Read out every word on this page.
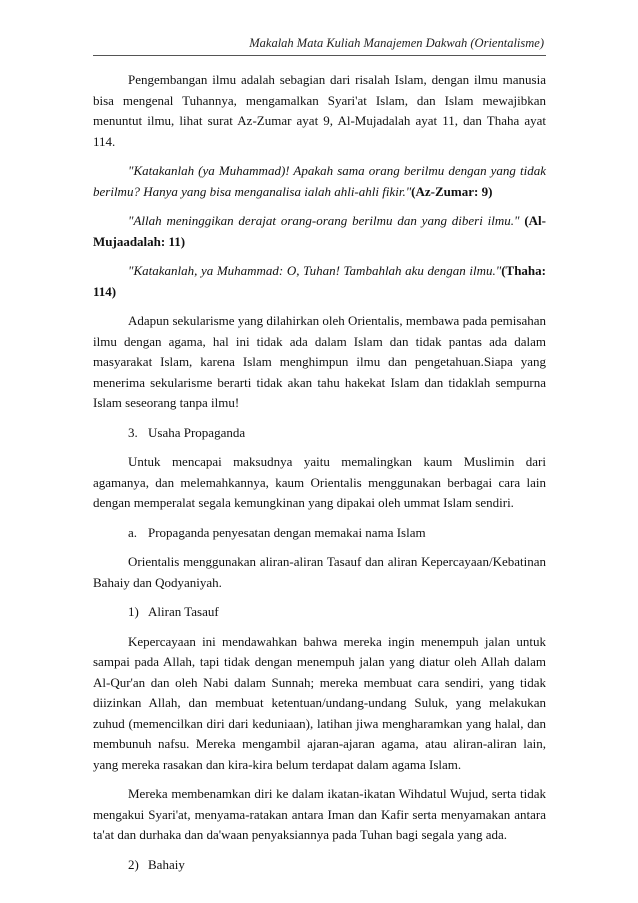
Makalah Mata Kuliah Manajemen Dakwah (Orientalisme)

Pengembangan ilmu adalah sebagian dari risalah Islam, dengan ilmu manusia bisa mengenal Tuhannya, mengamalkan Syari'at Islam, dan Islam mewajibkan menuntut ilmu, lihat surat Az-Zumar ayat 9, Al-Mujadalah ayat 11, dan Thaha ayat 114.

"Katakanlah (ya Muhammad)! Apakah sama orang berilmu dengan yang tidak berilmu? Hanya yang bisa menganalisa ialah ahli-ahli fikir."(Az-Zumar: 9)

"Allah meninggikan derajat orang-orang berilmu dan yang diberi ilmu." (Al-Mujaadalah: 11)

"Katakanlah, ya Muhammad: O, Tuhan! Tambahlah aku dengan ilmu."(Thaha: 114)

Adapun sekularisme yang dilahirkan oleh Orientalis, membawa pada pemisahan ilmu dengan agama, hal ini tidak ada dalam Islam dan tidak pantas ada dalam masyarakat Islam, karena Islam menghimpun ilmu dan pengetahuan.Siapa yang menerima sekularisme berarti tidak akan tahu hakekat Islam dan tidaklah sempurna Islam seseorang tanpa ilmu!

3. Usaha Propaganda

Untuk mencapai maksudnya yaitu memalingkan kaum Muslimin dari agamanya, dan melemahkannya, kaum Orientalis menggunakan berbagai cara lain dengan memperalat segala kemungkinan yang dipakai oleh ummat Islam sendiri.

a. Propaganda penyesatan dengan memakai nama Islam

Orientalis menggunakan aliran-aliran Tasauf dan aliran Kepercayaan/Kebatinan Bahaiy dan Qodyaniyah.

1) Aliran Tasauf

Kepercayaan ini mendawahkan bahwa mereka ingin menempuh jalan untuk sampai pada Allah, tapi tidak dengan menempuh jalan yang diatur oleh Allah dalam Al-Qur'an dan oleh Nabi dalam Sunnah; mereka membuat cara sendiri, yang tidak diizinkan Allah, dan membuat ketentuan/undang-undang Suluk, yang melakukan zuhud (memencilkan diri dari keduniaan), latihan jiwa mengharamkan yang halal, dan membunuh nafsu. Mereka mengambil ajaran-ajaran agama, atau aliran-aliran lain, yang mereka rasakan dan kira-kira belum terdapat dalam agama Islam.

Mereka membenamkan diri ke dalam ikatan-ikatan Wihdatul Wujud, serta tidak mengakui Syari'at, menyama-ratakan antara Iman dan Kafir serta menyamakan antara ta'at dan durhaka dan da'waan penyaksiannya pada Tuhan bagi segala yang ada.

2) Bahaiy
